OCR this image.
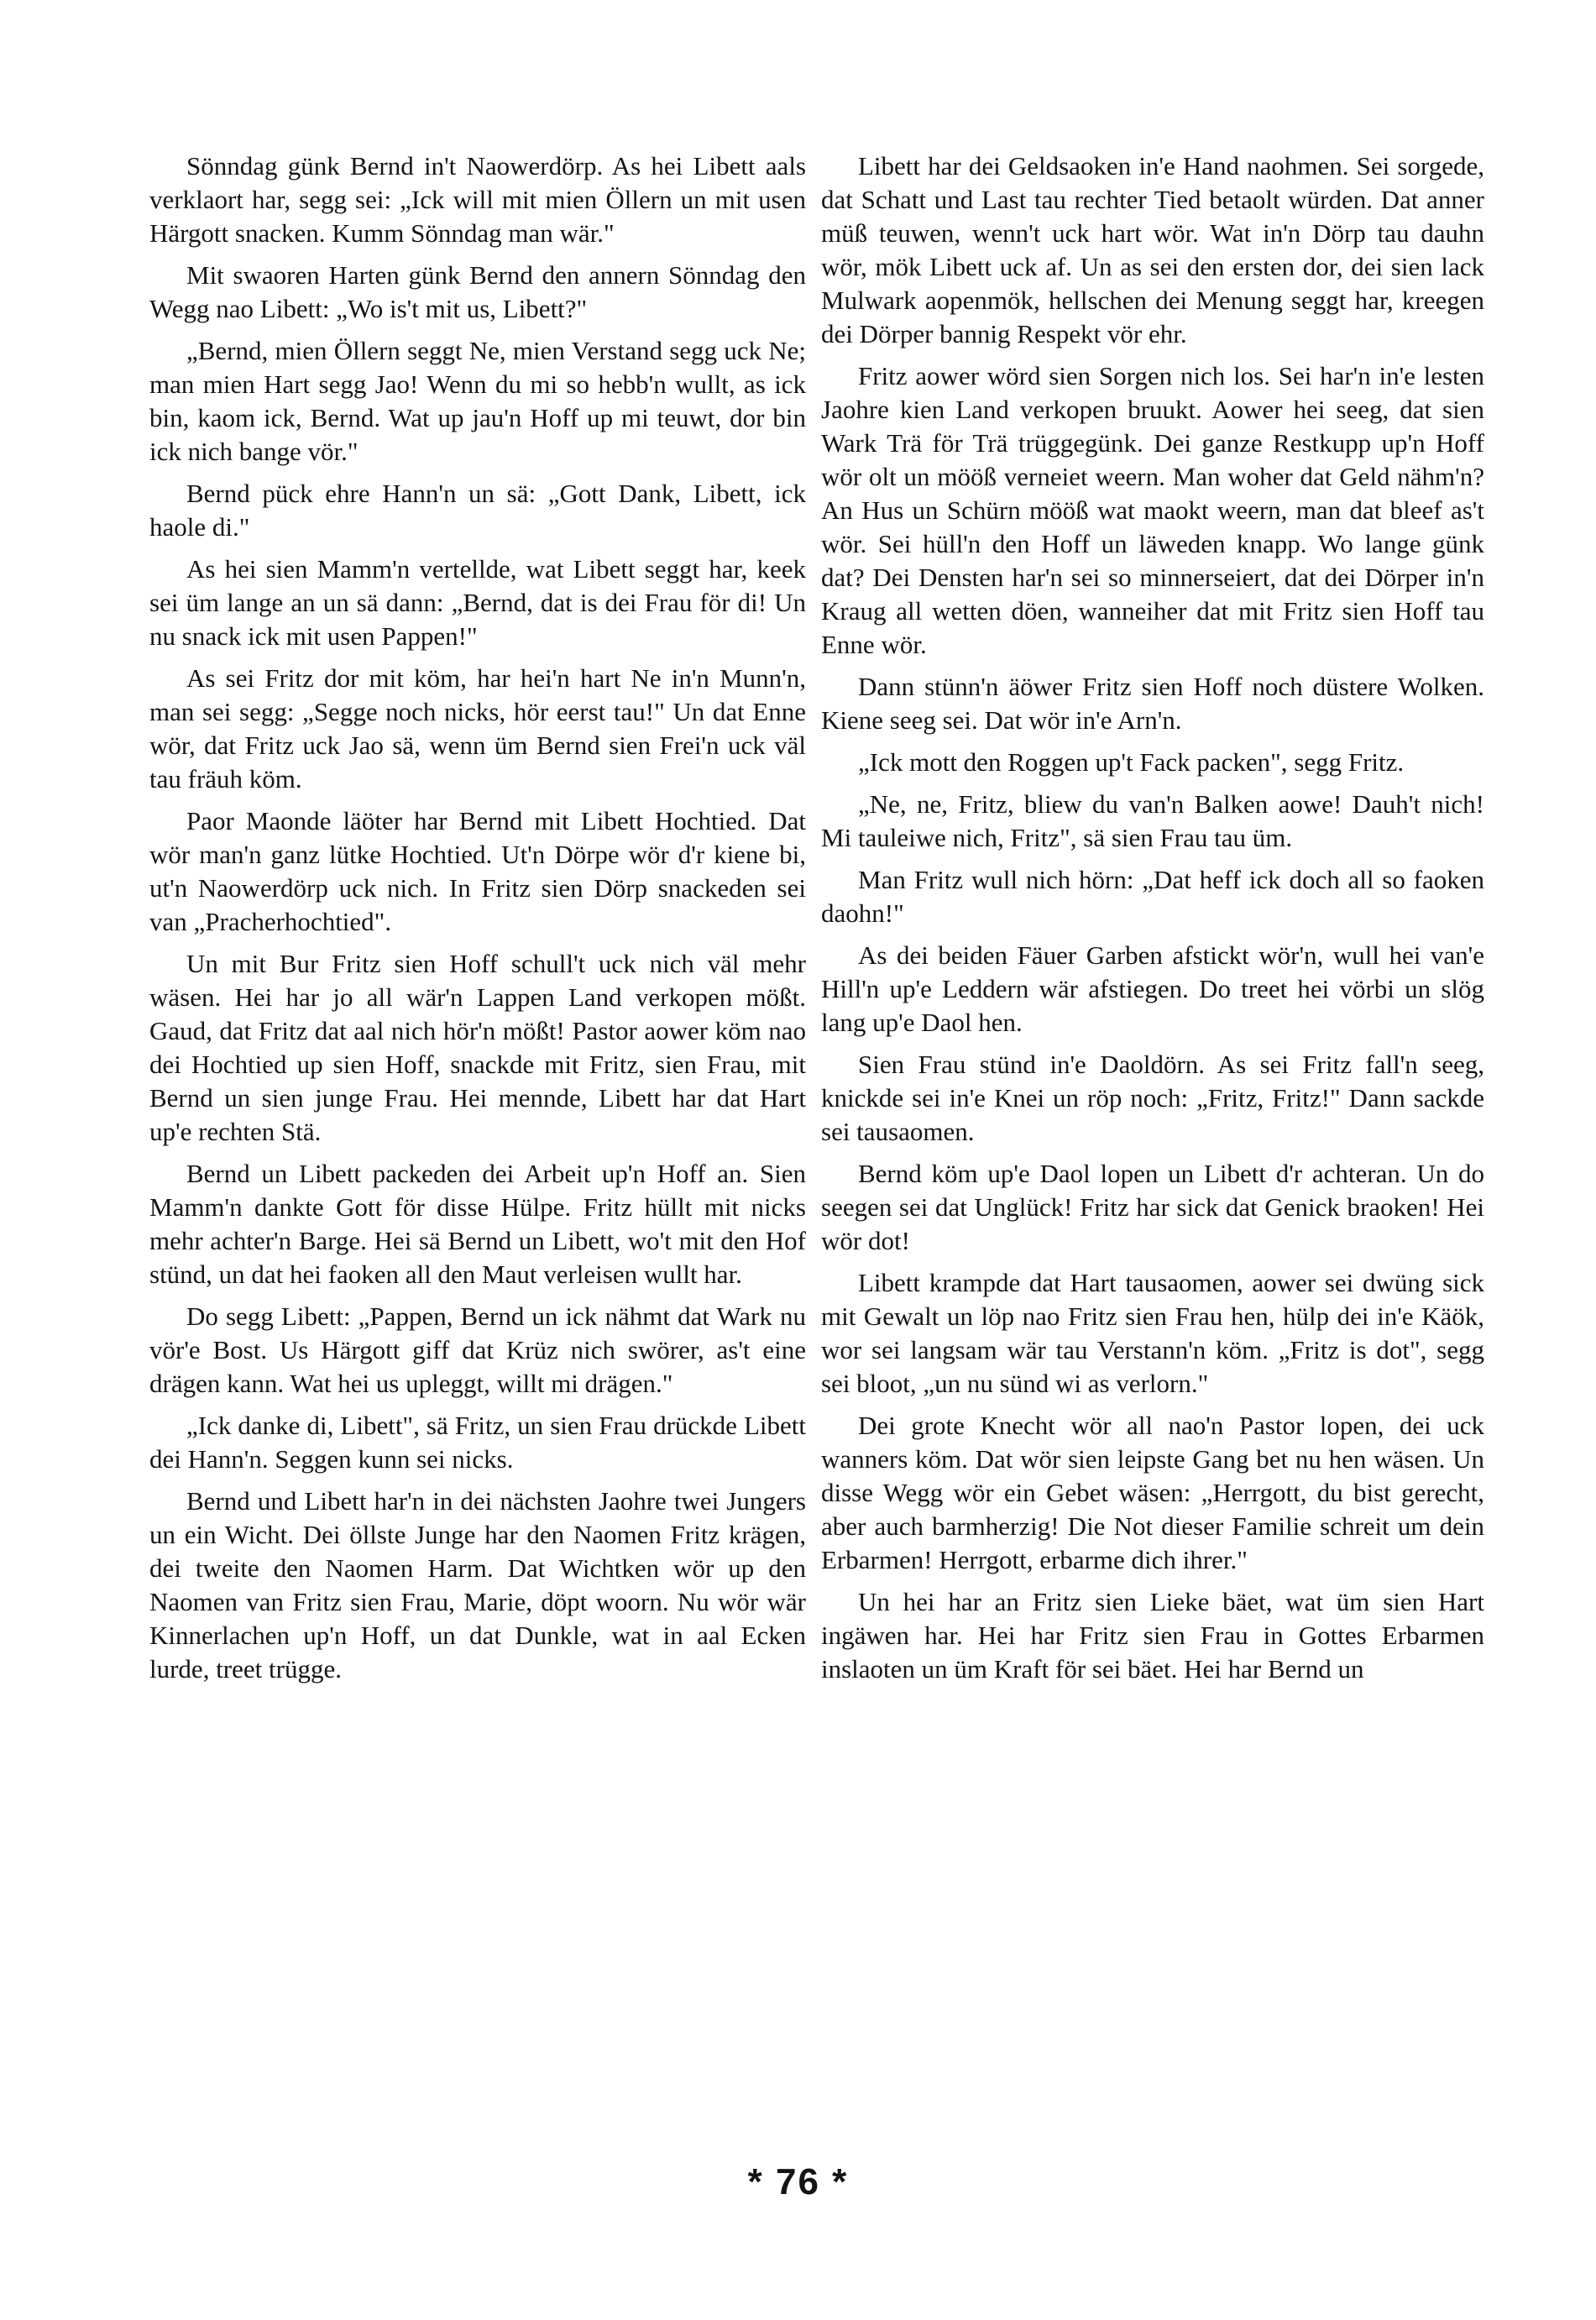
Sönndag günk Bernd in't Naowerdörp. As hei Libett aals verklaort har, segg sei: „Ick will mit mien Öllern un mit usen Härgott snacken. Kumm Sönndag man wär."

Mit swaoren Harten günk Bernd den annern Sönndag den Wegg nao Libett: „Wo is't mit us, Libett?"

„Bernd, mien Öllern seggt Ne, mien Verstand segg uck Ne; man mien Hart segg Jao! Wenn du mi so hebb'n wullt, as ick bin, kaom ick, Bernd. Wat up jau'n Hoff up mi teuwt, dor bin ick nich bange vör."

Bernd pück ehre Hann'n un sä: „Gott Dank, Libett, ick haole di."

As hei sien Mamm'n vertellde, wat Libett seggt har, keek sei üm lange an un sä dann: „Bernd, dat is dei Frau för di! Un nu snack ick mit usen Pappen!"

As sei Fritz dor mit köm, har hei'n hart Ne in'n Munn'n, man sei segg: „Segge noch nicks, hör eerst tau!" Un dat Enne wör, dat Fritz uck Jao sä, wenn üm Bernd sien Frei'n uck väl tau fräuh köm.

Paor Maonde läöter har Bernd mit Libett Hochtied. Dat wör man'n ganz lütke Hochtied. Ut'n Dörpe wör d'r kiene bi, ut'n Naowerdörp uck nich. In Fritz sien Dörp snackeden sei van „Pracherhochtied".

Un mit Bur Fritz sien Hoff schull't uck nich väl mehr wäsen. Hei har jo all wär'n Lappen Land verkopen mößt. Gaud, dat Fritz dat aal nich hör'n mößt! Pastor aower köm nao dei Hochtied up sien Hoff, snackde mit Fritz, sien Frau, mit Bernd un sien junge Frau. Hei mennde, Libett har dat Hart up'e rechten Stä.

Bernd un Libett packeden dei Arbeit up'n Hoff an. Sien Mamm'n dankte Gott för disse Hülpe. Fritz hüllt mit nicks mehr achter'n Barge. Hei sä Bernd un Libett, wo't mit den Hof stünd, un dat hei faoken all den Maut verleisen wullt har.

Do segg Libett: „Pappen, Bernd un ick nähmt dat Wark nu vör'e Bost. Us Härgott giff dat Krüz nich swörer, as't eine drägen kann. Wat hei us upleggt, willt mi drägen."

„Ick danke di, Libett", sä Fritz, un sien Frau drückde Libett dei Hann'n. Seggen kunn sei nicks.

Bernd und Libett har'n in dei nächsten Jaohre twei Jungers un ein Wicht. Dei öllste Junge har den Naomen Fritz krägen, dei tweite den Naomen Harm. Dat Wichtken wör up den Naomen van Fritz sien Frau, Marie, döpt woorn. Nu wör wär Kinnerlachen up'n Hoff, un dat Dunkle, wat in aal Ecken lurde, treet trügge.

Libett har dei Geldsaoken in'e Hand naohmen. Sei sorgede, dat Schatt und Last tau rechter Tied betaolt würden. Dat anner müß teuwen, wenn't uck hart wör. Wat in'n Dörp tau dauhn wör, mök Libett uck af. Un as sei den ersten dor, dei sien lack Mulwark aopenmök, hellschen dei Menung seggt har, kreegen dei Dörper bannig Respekt vör ehr.

Fritz aower wörd sien Sorgen nich los. Sei har'n in'e lesten Jaohre kien Land verkopen bruukt. Aower hei seeg, dat sien Wark Trä för Trä trüggegünk. Dei ganze Restkupp up'n Hoff wör olt un mööß verneiet weern. Man woher dat Geld nähm'n? An Hus un Schürn mööß wat maokt weern, man dat bleef as't wör. Sei hüll'n den Hoff un läweden knapp. Wo lange günk dat? Dei Densten har'n sei so minnerseiert, dat dei Dörper in'n Kraug all wetten döen, wanneiher dat mit Fritz sien Hoff tau Enne wör.

Dann stünn'n äöwer Fritz sien Hoff noch düstere Wolken. Kiene seeg sei. Dat wör in'e Arn'n.

„Ick mott den Roggen up't Fack packen", segg Fritz.

„Ne, ne, Fritz, bliew du van'n Balken aowe! Dauh't nich! Mi tauleiwe nich, Fritz", sä sien Frau tau üm.

Man Fritz wull nich hörn: „Dat heff ick doch all so faoken daohn!"

As dei beiden Fäuer Garben afstickt wör'n, wull hei van'e Hill'n up'e Leddern wär afstiegen. Do treet hei vörbi un slög lang up'e Daol hen.

Sien Frau stünd in'e Daoldörn. As sei Fritz fall'n seeg, knickde sei in'e Knei un röp noch: „Fritz, Fritz!" Dann sackde sei tausaomen.

Bernd köm up'e Daol lopen un Libett d'r achteran. Un do seegen sei dat Unglück! Fritz har sick dat Genick braoken! Hei wör dot!

Libett krampde dat Hart tausaomen, aower sei dwüng sick mit Gewalt un löp nao Fritz sien Frau hen, hülp dei in'e Käök, wor sei langsam wär tau Verstann'n köm. „Fritz is dot", segg sei bloot, „un nu sünd wi as verlorn."

Dei grote Knecht wör all nao'n Pastor lopen, dei uck wanners köm. Dat wör sien leipste Gang bet nu hen wäsen. Un disse Wegg wör ein Gebet wäsen: „Herrgott, du bist gerecht, aber auch barmherzig! Die Not dieser Familie schreit um dein Erbarmen! Herrgott, erbarme dich ihrer."

Un hei har an Fritz sien Lieke bäet, wat üm sien Hart ingäwen har. Hei har Fritz sien Frau in Gottes Erbarmen inslaoten un üm Kraft för sei bäet. Hei har Bernd un

* 76 *
